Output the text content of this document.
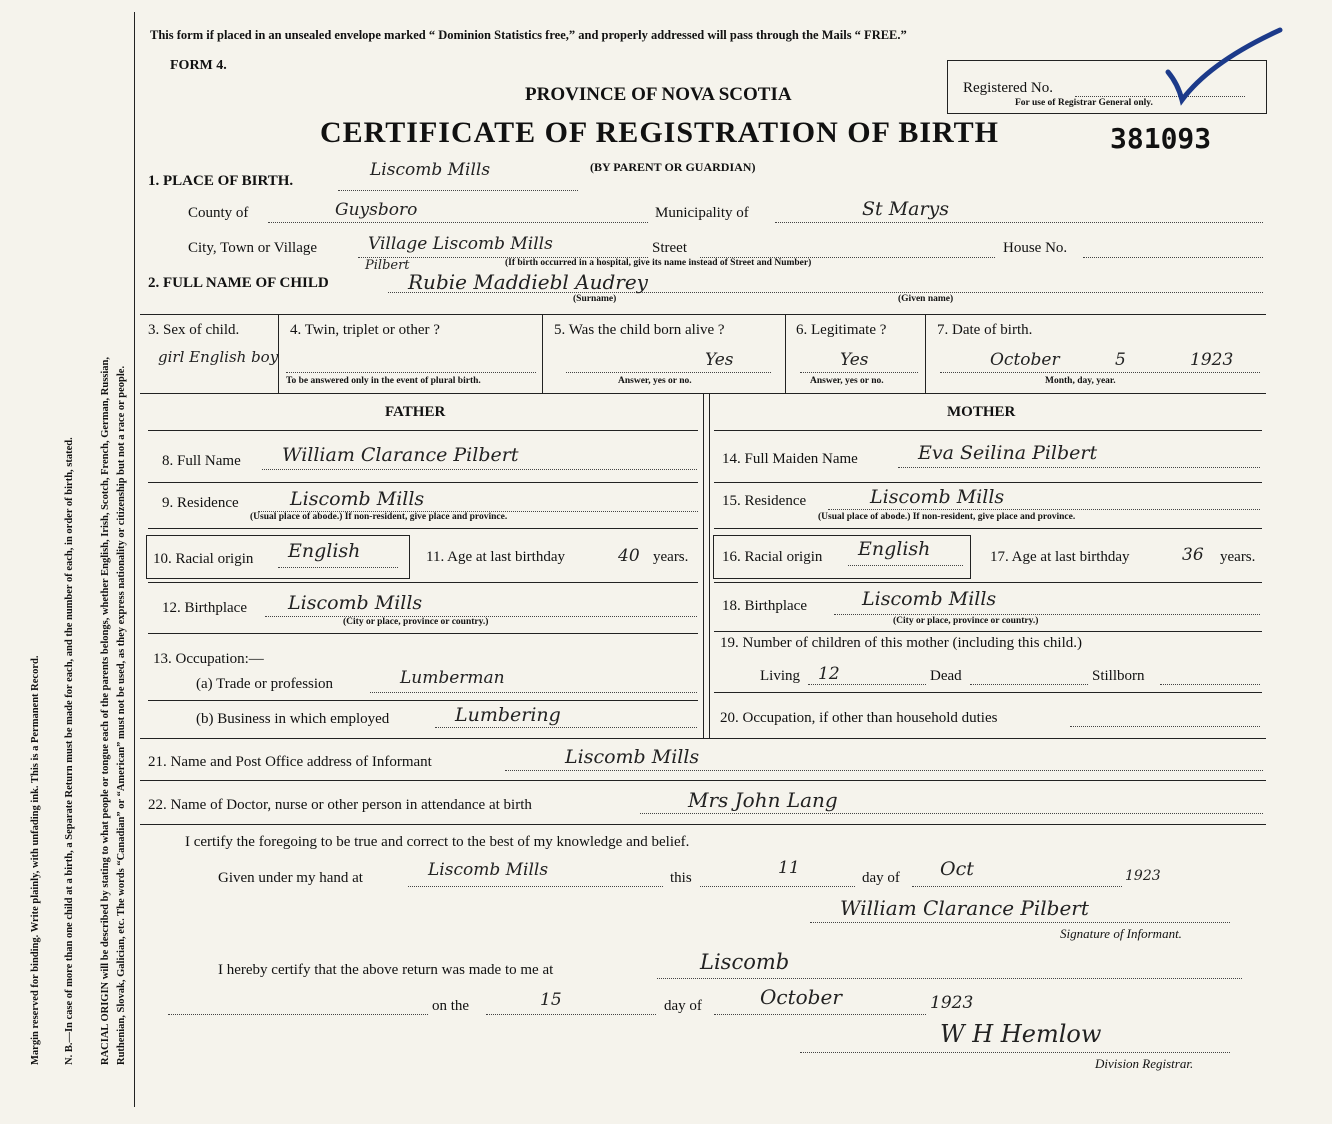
Margin reserved for binding. Write plainly, with unfading ink. This is a Permanent Record. N. B.—In case of more than one child at a birth, a Separate Return must be made for each, and the number of each, in order of birth, stated. RACIAL ORIGIN will be described by stating to what people or tongue each of the parents belongs, whether English, Irish, Scotch, French, German, Russian, Ruthenian, Slovak, Galician, etc. The words “Canadian” or “American” must not be used, as they express nationality or citizenship but not a race or people.
This form if placed in an unsealed envelope marked “ Dominion Statistics free,” and properly addressed will pass through the Mails “ FREE.”
FORM 4.
PROVINCE OF NOVA SCOTIA
CERTIFICATE OF REGISTRATION OF BIRTH
(BY PARENT OR GUARDIAN)
381093
Registered No.
For use of Registrar General only.
1. PLACE OF BIRTH.
Liscomb Mills
County of	Guysboro	Municipality of	St Marys
City, Town or Village	Village Liscomb Mills	Street	House No.
(If birth occurred in a hospital, give its name instead of Street and Number)
2. FULL NAME OF CHILD
Pilbert
Rubie Maddiebl Audrey
(Surname)	(Given name)
3. Sex of child.
girl English boy
4. Twin, triplet or other ?
To be answered only in the event of plural birth.
5. Was the child born alive ?
Yes
Answer, yes or no.
6. Legitimate ?
Yes
Answer, yes or no.
7. Date of birth.
October	5	1923
Month, day, year.
FATHER	MOTHER
8. Full Name William Clarance Pilbert
9. Residence	Liscomb Mills
(Usual place of abode.) If non-resident, give place and province.
10. Racial origin English	11. Age at last birthday	40 years.
12. Birthplace Liscomb Mills
(City or place, province or country.)
13. Occupation:—
(a) Trade or profession	Lumberman
(b) Business in which employed	Lumbering
14. Full Maiden Name	Eva Seilina Pilbert
15. Residence	Liscomb Mills
(Usual place of abode.) If non-resident, give place and province.
16. Racial origin English	17. Age at last birthday	36 years.
18. Birthplace	Liscomb Mills
(City or place, province or country.)
19. Number of children of this mother (including this child.)
Living 12	Dead	Stillborn
20. Occupation, if other than household duties
21. Name and Post Office address of Informant	Liscomb Mills
22. Name of Doctor, nurse or other person in attendance at birth	Mrs John Lang
I certify the foregoing to be true and correct to the best of my knowledge and belief.
Given under my hand at	Liscomb Mills	this	11	day of Oct	1923
William Clarance Pilbert
Signature of Informant.
I hereby certify that the above return was made to me at	Liscomb
on the	15	day of	October	1923
W H Hemlow
Division Registrar.
